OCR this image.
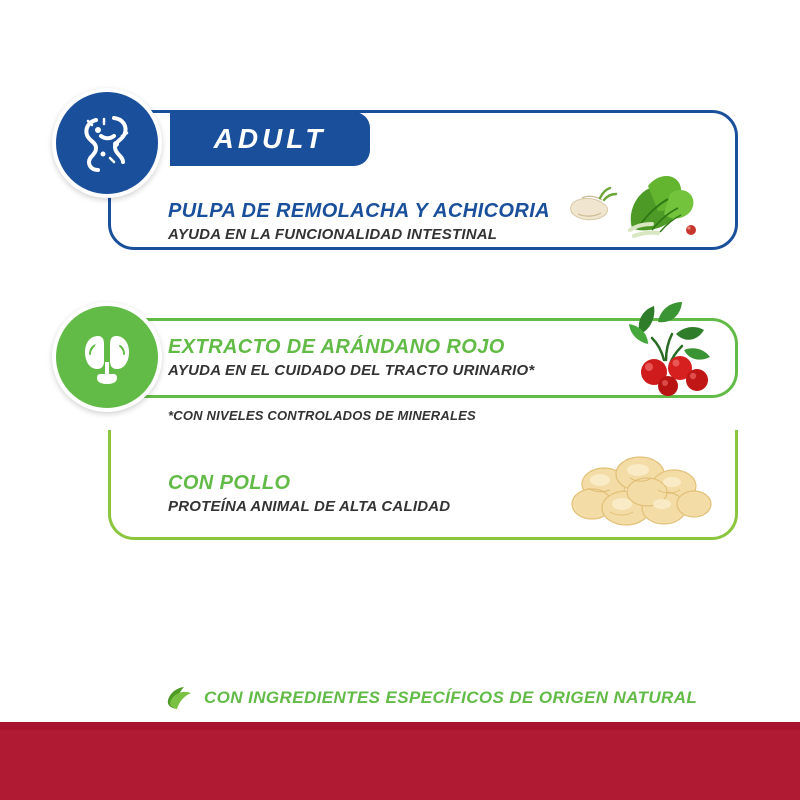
ADULT

PULPA DE REMOLACHA Y ACHICORIA

AYUDA EN LA FUNCIONALIDAD INTESTINAL

EXTRACTO DE ARÁNDANO ROJO

AYUDA EN EL CUIDADO DEL TRACTO URINARIO*

*CON NIVELES CONTROLADOS DE MINERALES

CON POLLO

PROTEÍNA ANIMAL DE ALTA CALIDAD

CON INGREDIENTES ESPECÍFICOS DE ORIGEN NATURAL
